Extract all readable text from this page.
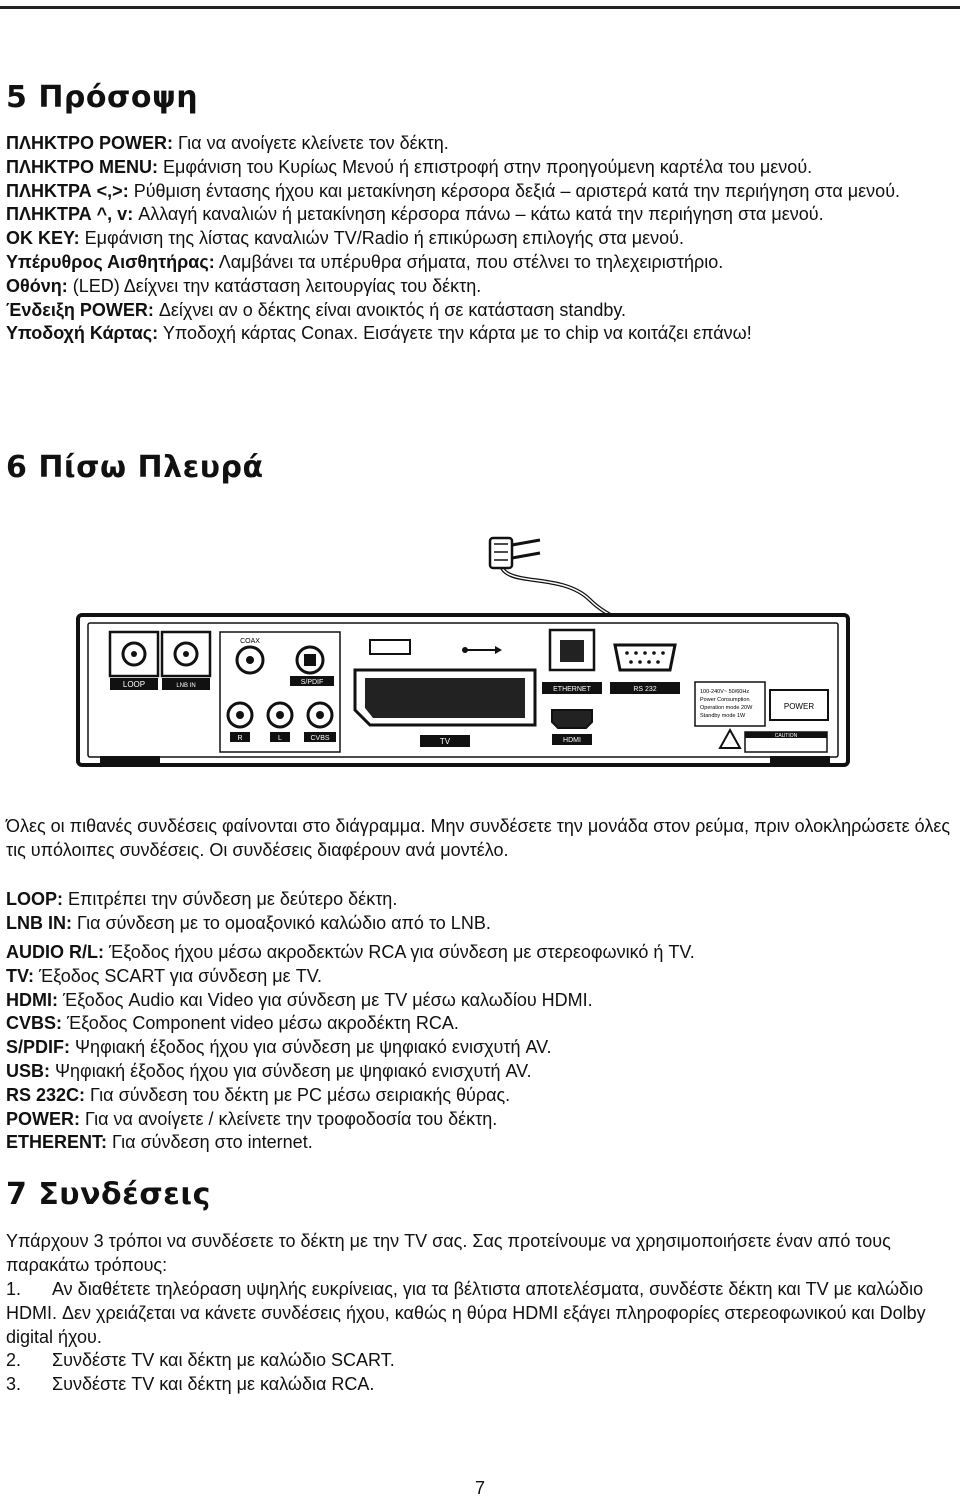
5 Πρόσοψη

ΠΛΗΚΤΡΟ POWER: Για να ανοίγετε κλείνετε τον δέκτη.

ΠΛΗΚΤΡΟ MENU: Εμφάνιση του Κυρίως Μενού ή επιστροφή στην προηγούμενη καρτέλα του μενού.

ΠΛΗΚΤΡΑ <,>: Ρύθμιση έντασης ήχου και μετακίνηση κέρσορα δεξιά – αριστερά κατά την περιήγηση στα μενού.

ΠΛΗΚΤΡΑ ^, v: Αλλαγή καναλιών ή μετακίνηση κέρσορα πάνω – κάτω κατά την περιήγηση στα μενού.

OK KEY: Εμφάνιση της λίστας καναλιών TV/Radio ή επικύρωση επιλογής στα μενού.

Υπέρυθρος Αισθητήρας: Λαμβάνει τα υπέρυθρα σήματα, που στέλνει το τηλεχειριστήριο.

Οθόνη: (LED) Δείχνει την κατάσταση λειτουργίας του δέκτη.

Ένδειξη POWER: Δείχνει αν ο δέκτης είναι ανοικτός ή σε κατάσταση standby.

Υποδοχή Κάρτας: Υποδοχή κάρτας Conax. Εισάγετε την κάρτα με το chip να κοιτάζει επάνω!

6 Πίσω Πλευρά
LOOP	LNB IN
COAX
S/PDIF
R	L	CVBS	TV
ETHERNET
HDMI
RS 232	100-240V~ 50/60Hz
Power Consumption
Operation mode 20W
Standby mode 1W
POWER
CAUTION

Όλες οι πιθανές συνδέσεις φαίνονται στο διάγραμμα. Μην συνδέσετε την μονάδα στον ρεύμα, πριν ολοκληρώσετε όλες τις υπόλοιπες συνδέσεις. Οι συνδέσεις διαφέρουν ανά μοντέλο.

LOOP: Επιτρέπει την σύνδεση με δεύτερο δέκτη.

LNB IN: Για σύνδεση με το ομοαξονικό καλώδιο από το LNB.

AUDIO R/L: Έξοδος ήχου μέσω ακροδεκτών RCA για σύνδεση με στερεοφωνικό ή TV.

TV: Έξοδος SCART για σύνδεση με TV.

HDMI: Έξοδος Audio και Video για σύνδεση με TV μέσω καλωδίου HDMI.

CVBS: Έξοδος Component video μέσω ακροδέκτη RCA.

S/PDIF: Ψηφιακή έξοδος ήχου για σύνδεση με ψηφιακό ενισχυτή AV.

USB: Ψηφιακή έξοδος ήχου για σύνδεση με ψηφιακό ενισχυτή AV.

RS 232C: Για σύνδεση του δέκτη με PC μέσω σειριακής θύρας.

POWER: Για να ανοίγετε / κλείνετε την τροφοδοσία του δέκτη.

ETHERENT: Για σύνδεση στο internet.

7 Συνδέσεις

Υπάρχουν 3 τρόποι να συνδέσετε το δέκτη με την TV σας. Σας προτείνουμε να χρησιμοποιήσετε έναν από τους παρακάτω τρόπους:

1.	Αν διαθέτετε τηλεόραση υψηλής ευκρίνειας, για τα βέλτιστα αποτελέσματα, συνδέστε δέκτη και TV με καλώδιο HDMI. Δεν χρειάζεται να κάνετε συνδέσεις ήχου, καθώς η θύρα HDMI εξάγει πληροφορίες στερεοφωνικού και Dolby digital ήχου.
2.	Συνδέστε TV και δέκτη με καλώδιο SCART.
3.	Συνδέστε TV και δέκτη με καλώδια RCA.
7
